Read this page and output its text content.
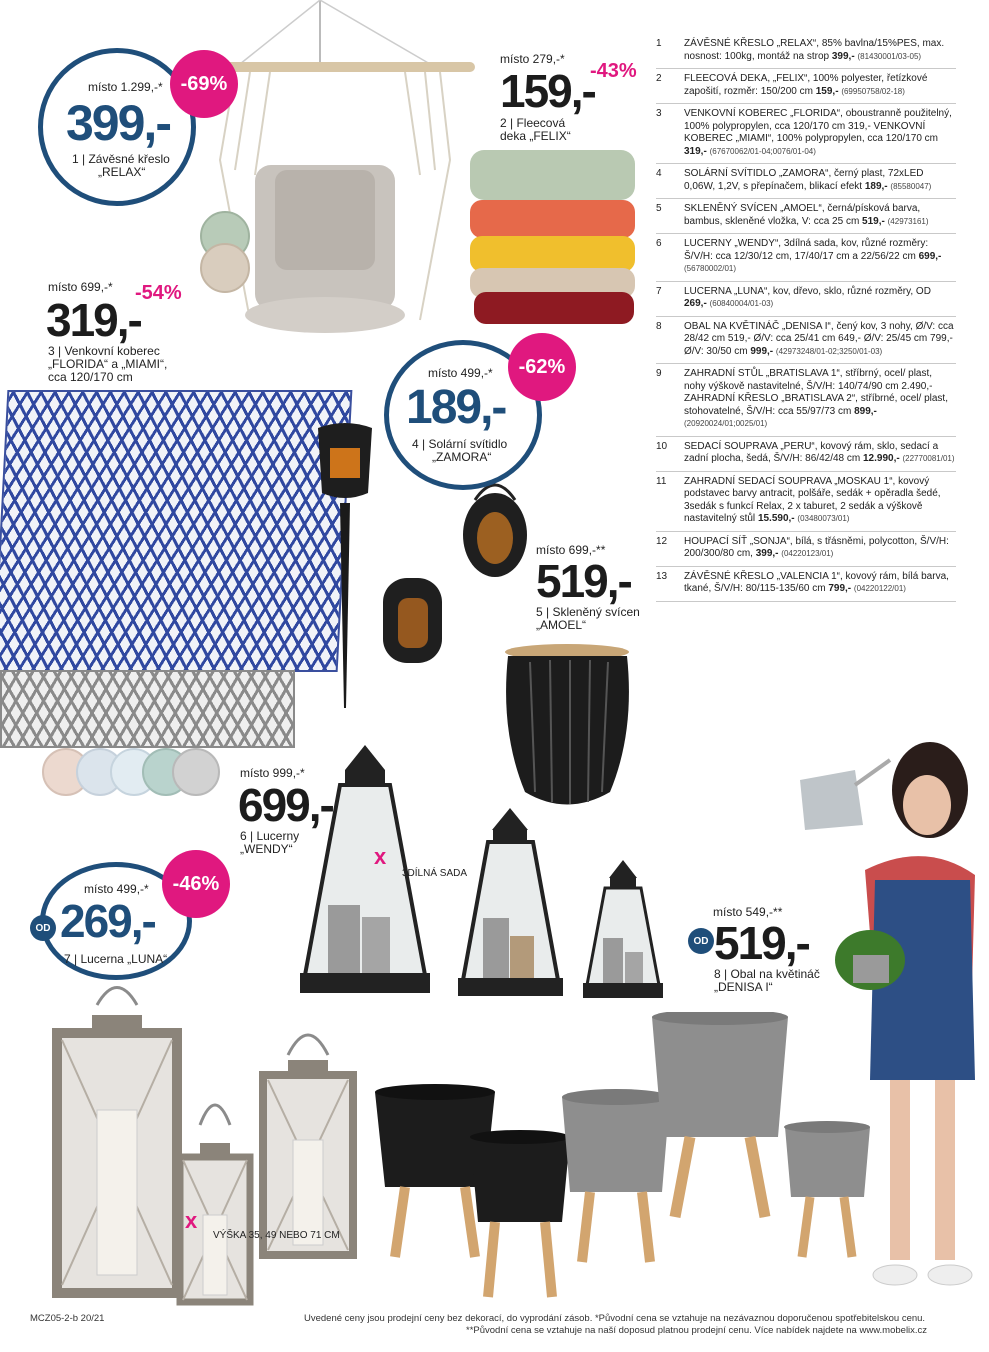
místo 1.299,-*
399,-
1 | Závěsné křeslo
„RELAX“
-69%
místo 279,-*
159,-
-43%
2 | Fleecová
deka „FELIX“
místo 699,-*
319,-
-54%
3 | Venkovní koberec
„FLORIDA“ a „MIAMI“,
cca 120/170 cm	místo 499,-*
189,-
4 | Solární svítidlo
„ZAMORA“
-62%
místo 699,-**
519,-
5 | Skleněný svícen
„AMOEL“
místo 999,-*
699,-
6 | Lucerny
„WENDY“	x
3DÍLNÁ SADA
místo 499,-*
269,-
7 | Lucerna „LUNA“
OD
-46%
x
VÝŠKA 35, 49 NEBO 71 CM
místo 549,-**
OD 519,-
8 | Obal na květináč
„DENISA I“
1	ZÁVĚSNÉ KŘESLO „RELAX“, 85% bavlna/15%PES, max. nosnost: 100kg, montáž na strop 399,- (81430001/03-05)
2	FLEECOVÁ DEKA, „FELIX“, 100% polyester, řetízkové zapošití, rozměr: 150/200 cm 159,- (69950758/02-18)
3	VENKOVNÍ KOBEREC „FLORIDA“, oboustranně použitelný, 100% polypropylen, cca 120/170 cm 319,- VENKOVNÍ KOBEREC „MIAMI“, 100% polypropylen, cca 120/170 cm 319,- (67670062/01-04;0076/01-04)
4	SOLÁRNÍ SVÍTIDLO „ZAMORA“, černý plast, 72xLED 0,06W, 1,2V, s přepínačem, blikací efekt 189,- (85580047)
5	SKLENĚNÝ SVÍCEN „AMOEL“, černá/písková barva, bambus, skleněné vložka, V: cca 25 cm 519,- (42973161)
6	LUCERNY „WENDY“, 3dílná sada, kov, různé rozměry: Š/V/H: cca 12/30/12 cm, 17/40/17 cm a 22/56/22 cm 699,- (56780002/01)
7	LUCERNA „LUNA“, kov, dřevo, sklo, různé rozměry, OD 269,- (60840004/01-03)
8	OBAL NA KVĚTINÁČ „DENISA I“, čený kov, 3 nohy, Ø/V: cca 28/42 cm 519,- Ø/V: cca 25/41 cm 649,- Ø/V: 25/45 cm 799,- Ø/V: 30/50 cm 999,- (42973248/01-02;3250/01-03)
9	ZAHRADNÍ STŮL „BRATISLAVA 1“, stříbrný, ocel/ plast, nohy výškově nastavitelné, Š/V/H: 140/74/90 cm 2.490,- ZAHRADNÍ KŘESLO „BRATISLAVA 2“, stříbrné, ocel/ plast, stohovatelné, Š/V/H: cca 55/97/73 cm 899,- (20920024/01;0025/01)
10	SEDACÍ SOUPRAVA „PERU“, kovový rám, sklo, sedací a zadní plocha, šedá, Š/V/H: 86/42/48 cm 12.990,- (22770081/01)
11	ZAHRADNÍ SEDACÍ SOUPRAVA „MOSKAU 1“, kovový podstavec barvy antracit, polšáře, sedák + opěradla šedé, 3sedák s funkcí Relax, 2 x taburet, 2 sedák a výškově nastavitelný stůl 15.590,- (03480073/01)
12	HOUPACÍ SÍŤ „SONJA“, bílá, s třásněmi, polycotton, Š/V/H: 200/300/80 cm, 399,- (04220123/01)
13	ZÁVĚSNÉ KŘESLO „VALENCIA 1“, kovový rám, bílá barva, tkané, Š/V/H: 80/115-135/60 cm 799,- (04220122/01)
MCZ05-2-b 20/21	Uvedené ceny jsou prodejní ceny bez dekorací, do vyprodání zásob. *Původní cena se vztahuje na nezávaznou doporučenou spotřebitelskou cenu.
**Původní cena se vztahuje na naší doposud platnou prodejní cenu. Více nabídek najdete na www.mobelix.cz
